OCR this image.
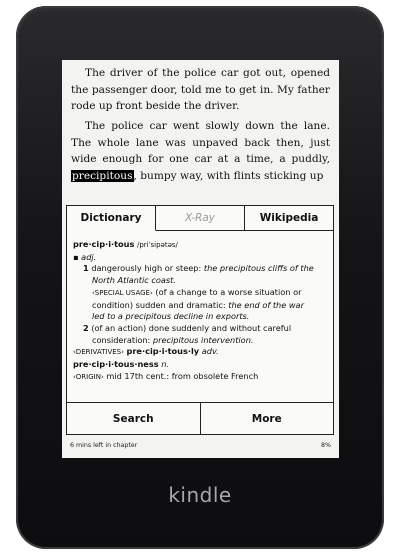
kindle

The driver of the police car got out, opened the passenger door, told me to get in. My father rode up front beside the driver.

The police car went slowly down the lane. The whole lane was unpaved back then, just wide enough for one car at a time, a puddly, precipitous, bumpy way, with flints sticking up

Dictionary	X-Ray	Wikipedia
pre·cip·i·tous /priˈsipətəs/
▪ adj.
1 dangerously high or steep: the precipitous cliffs of the
North Atlantic coast.
‹SPECIAL USAGE› (of a change to a worse situation or
condition) sudden and dramatic: the end of the war
led to a precipitous decline in exports.
2 (of an action) done suddenly and without careful
consideration: precipitous intervention.
‹DERIVATIVES› pre·cip·i·tous·ly adv.
pre·cip·i·tous·ness n.
‹ORIGIN› mid 17th cent.: from obsolete French
Search	More
6 mins left in chapter	8%
